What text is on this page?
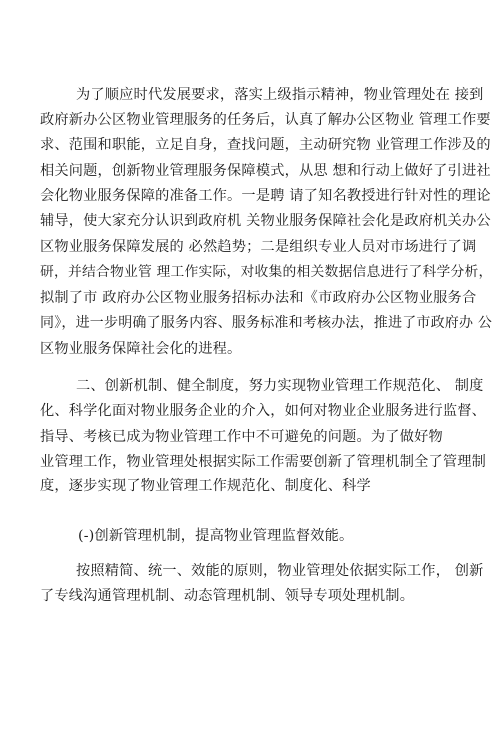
为了顺应时代发展要求，落实上级指示精神，物业管理处在 接到
政府新办公区物业管理服务的任务后，认真了解办公区物业 管理工作要
求、范围和职能，立足自身，查找问题，主动研究物 业管理工作涉及的
相关问题，创新物业管理服务保障模式，从思 想和行动上做好了引进社
会化物业服务保障的准备工作。一是聘 请了知名教授进行针对性的理论
辅导，使大家充分认识到政府机 关物业服务保障社会化是政府机关办公
区物业服务保障发展的 必然趋势；二是组织专业人员对市场进行了调
研，并结合物业管 理工作实际，对收集的相关数据信息进行了科学分析，
拟制了市 政府办公区物业服务招标办法和《市政府办公区物业服务合
同》，进一步明确了服务内容、服务标准和考核办法，推进了市政府办 公
区物业服务保障社会化的进程。
二、创新机制、健全制度，努力实现物业管理工作规范化、 制度
化、科学化面对物业服务企业的介入，如何对物业企业服务进行监督、
指导、考核已成为物业管理工作中不可避免的问题。为了做好物
业管理工作，物业管理处根据实际工作需要创新了管理机制全了管理制
度，逐步实现了物业管理工作规范化、制度化、科学
(-)创新管理机制，提高物业管理监督效能。
按照精简、统一、效能的原则，物业管理处依据实际工作， 创新
了专线沟通管理机制、动态管理机制、领导专项处理机制。
